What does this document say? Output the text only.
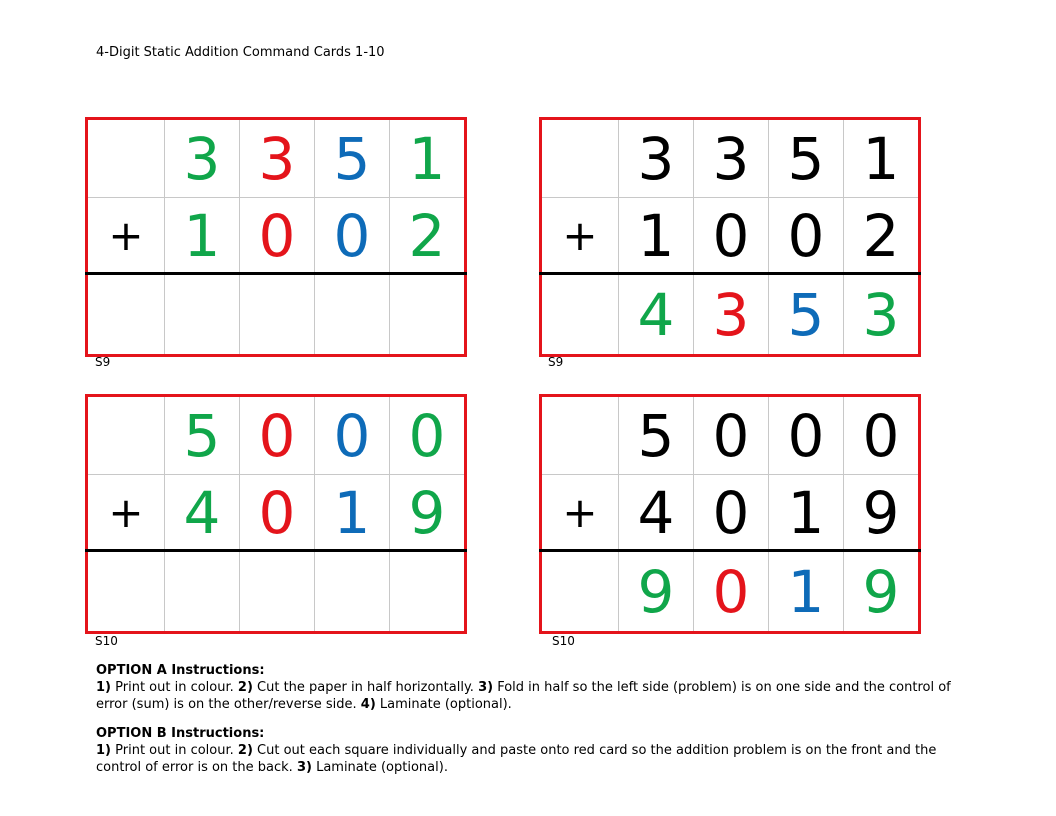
4-Digit Static Addition Command Cards 1-10
3 3 5 1
+ 1 0 0 2
S9
3 3 5 1
+ 1 0 0 2
4 3 5 3
S9
5 0 0 0
+ 4 0 1 9
S10
5 0 0 0
+ 4 0 1 9
9 0 1 9
S10

OPTION A Instructions:

1) Print out in colour. 2) Cut the paper in half horizontally. 3) Fold in half so the left side (problem) is on one side and the control of error (sum) is on the other/reverse side. 4) Laminate (optional).

OPTION B Instructions:

1) Print out in colour. 2) Cut out each square individually and paste onto red card so the addition problem is on the front and the control of error is on the back. 3) Laminate (optional).
